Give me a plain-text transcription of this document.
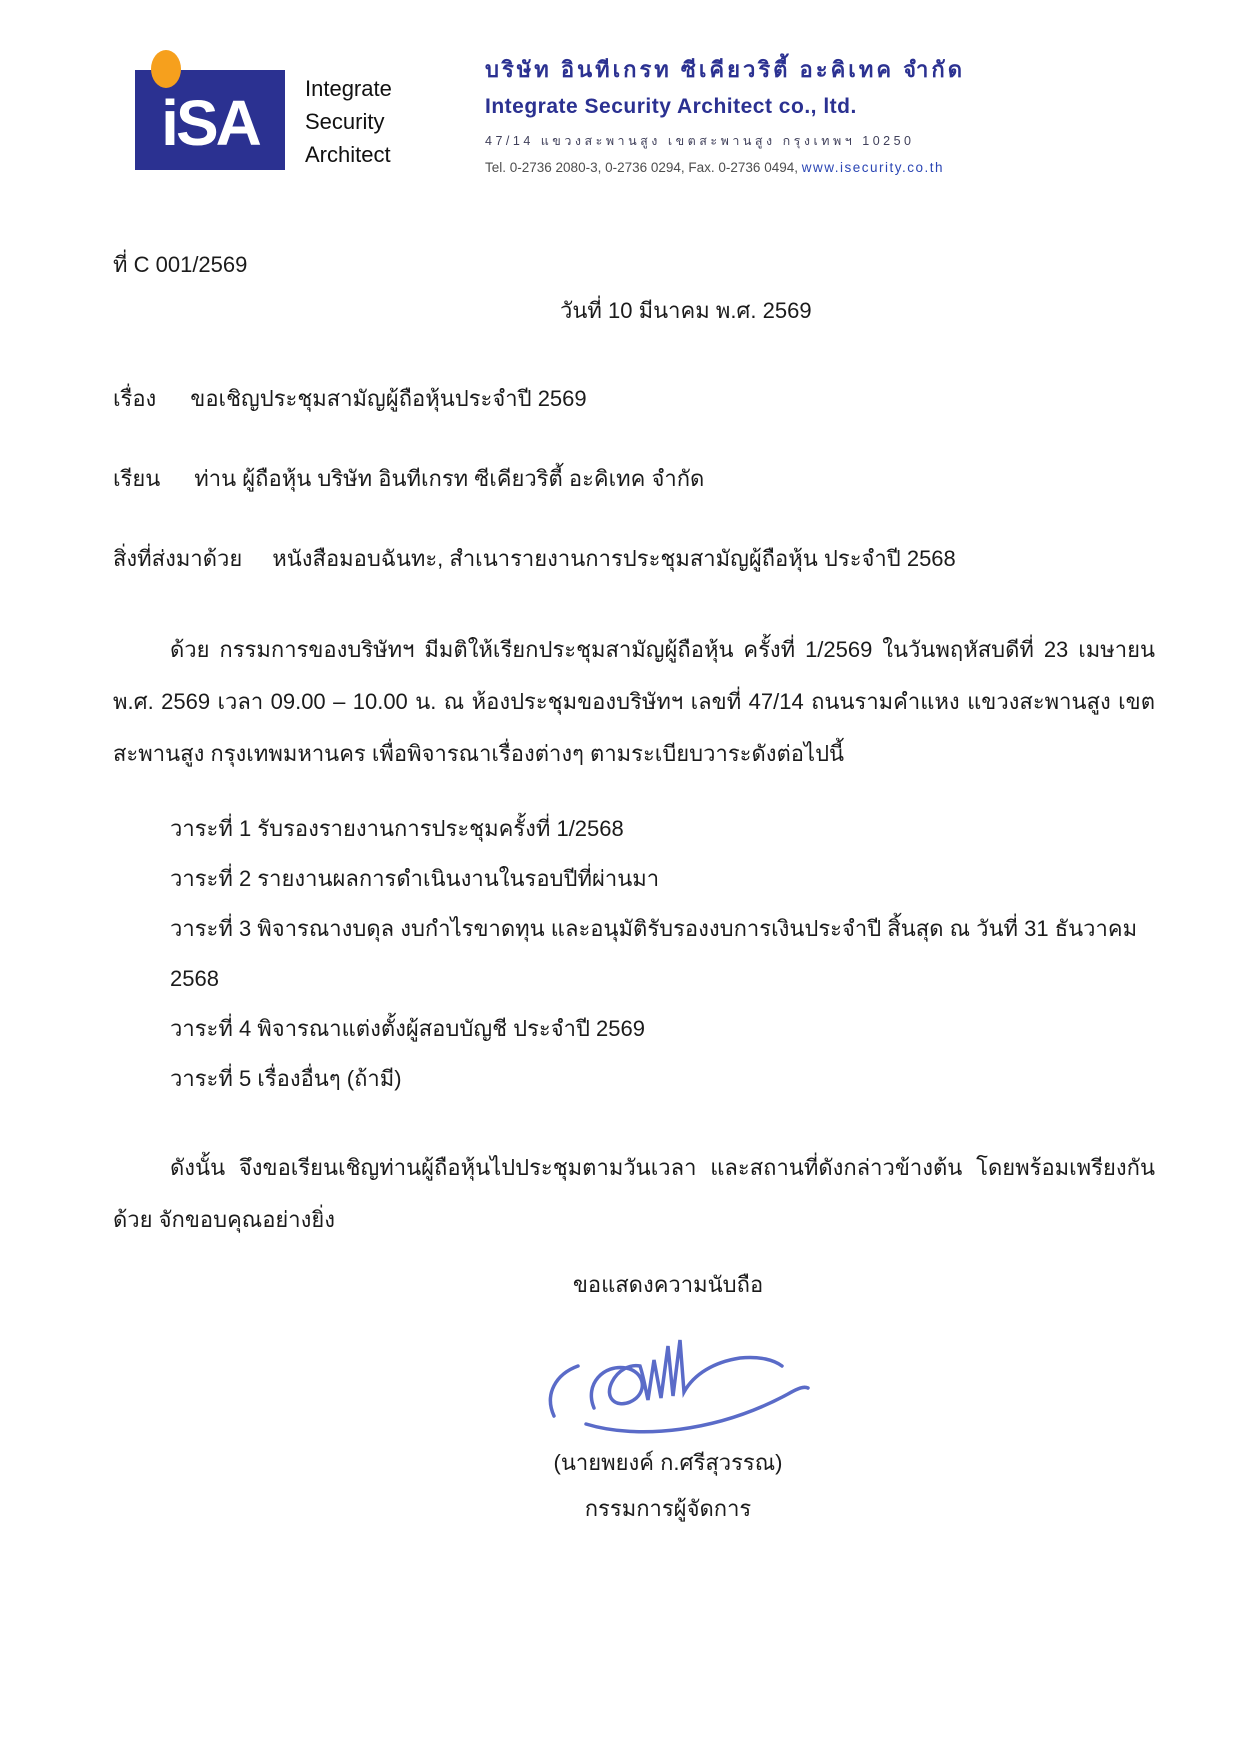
iSA Integrate
Security
Architect
บริษัท อินทีเกรท ซีเคียวริตี้ อะคิเทค จำกัด
Integrate Security Architect co., ltd.
47/14 แขวงสะพานสูง เขตสะพานสูง กรุงเทพฯ 10250
Tel. 0-2736 2080-3, 0-2736 0294, Fax. 0-2736 0494, www.isecurity.co.th
ที่ C 001/2569
วันที่ 10 มีนาคม พ.ศ. 2569
เรื่อง ขอเชิญประชุมสามัญผู้ถือหุ้นประจำปี 2569
เรียน ท่าน ผู้ถือหุ้น บริษัท อินทีเกรท ซีเคียวริตี้ อะคิเทค จำกัด
สิ่งที่ส่งมาด้วย หนังสือมอบฉันทะ, สำเนารายงานการประชุมสามัญผู้ถือหุ้น ประจำปี 2568

ด้วย กรรมการของบริษัทฯ มีมติให้เรียกประชุมสามัญผู้ถือหุ้น ครั้งที่ 1/2569 ในวันพฤหัสบดีที่ 23 เมษายน พ.ศ. 2569 เวลา 09.00 – 10.00 น. ณ ห้องประชุมของบริษัทฯ เลขที่ 47/14 ถนนรามคำแหง แขวงสะพานสูง เขตสะพานสูง กรุงเทพมหานคร เพื่อพิจารณาเรื่องต่างๆ ตามระเบียบวาระดังต่อไปนี้

วาระที่ 1 รับรองรายงานการประชุมครั้งที่ 1/2568
วาระที่ 2 รายงานผลการดำเนินงานในรอบปีที่ผ่านมา
วาระที่ 3 พิจารณางบดุล งบกำไรขาดทุน และอนุมัติรับรองงบการเงินประจำปี สิ้นสุด ณ วันที่ 31 ธันวาคม 2568
วาระที่ 4 พิจารณาแต่งตั้งผู้สอบบัญชี ประจำปี 2569
วาระที่ 5 เรื่องอื่นๆ (ถ้ามี)

ดังนั้น จึงขอเรียนเชิญท่านผู้ถือหุ้นไปประชุมตามวันเวลา และสถานที่ดังกล่าวข้างต้น โดยพร้อมเพรียงกันด้วย จักขอบคุณอย่างยิ่ง

ขอแสดงความนับถือ
(นายพยงค์ ก.ศรีสุวรรณ)
กรรมการผู้จัดการ
